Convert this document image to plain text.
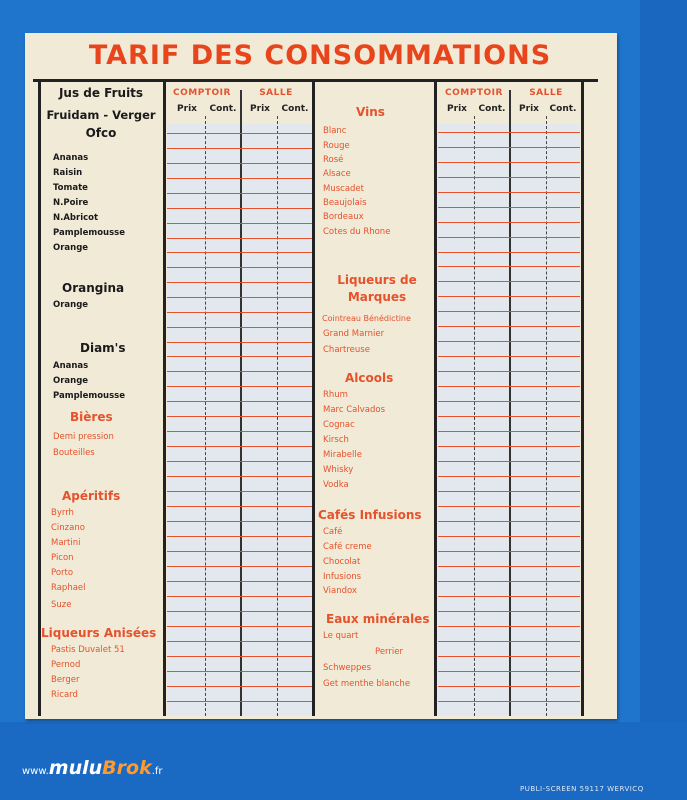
TARIF DES CONSOMMATIONS
COMPTOIR	SALLE
Prix	Cont.	Prix	Cont.
COMPTOIR	SALLE
Prix	Cont.	Prix	Cont.
Jus de Fruits
Fruidam - Verger
Ofco
Ananas
Raisin
Tomate
N.Poire
N.Abricot
Pamplemousse
Orange
Orangina
Orange
Diam's
Ananas
Orange
Pamplemousse
Bières
Demi pression
Bouteilles
Apéritifs
Byrrh
Cinzano
Martini
Picon
Porto
Raphael
Suze
Liqueurs Anisées
Pastis Duvalet 51
Pernod
Berger
Ricard
Vins
Blanc
Rouge
Rosé
Alsace
Muscadet
Beaujolais
Bordeaux
Cotes du Rhone
Liqueurs de
Marques
Cointreau Bénédictine
Grand Marnier
Chartreuse
Alcools
Rhum
Marc Calvados
Cognac
Kirsch
Mirabelle
Whisky
Vodka
Cafés Infusions
Café
Café creme
Chocolat
Infusions
Viandox
Eaux minérales
Le quart
Perrier
Schweppes
Get menthe blanche
www.muluBrok.fr
PUBLI-SCREEN 59117 WERVICQ
